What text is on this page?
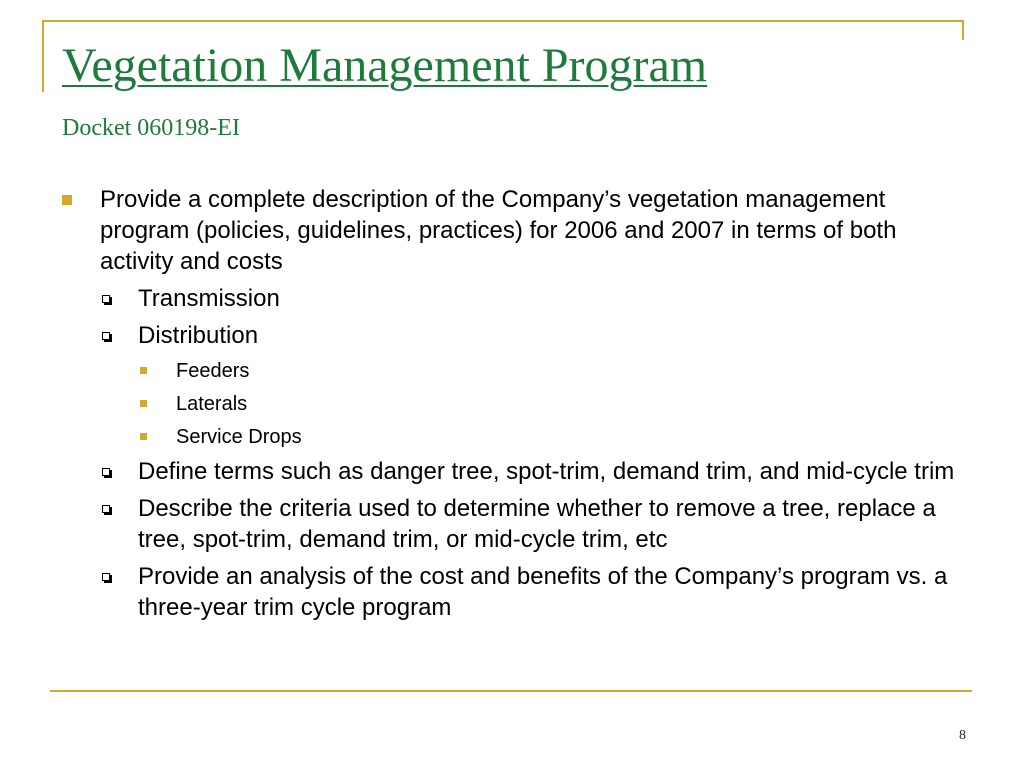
Vegetation Management Program
Docket 060198-EI
Provide a complete description of the Company’s vegetation management program (policies, guidelines, practices) for 2006 and 2007 in terms of both activity and costs
Transmission
Distribution
Feeders
Laterals
Service Drops
Define terms such as danger tree, spot-trim, demand trim, and mid-cycle trim
Describe the criteria used to determine whether to remove a tree, replace a tree, spot-trim, demand trim, or mid-cycle trim, etc
Provide an analysis of the cost and benefits of the Company’s program vs. a three-year trim cycle program
8
